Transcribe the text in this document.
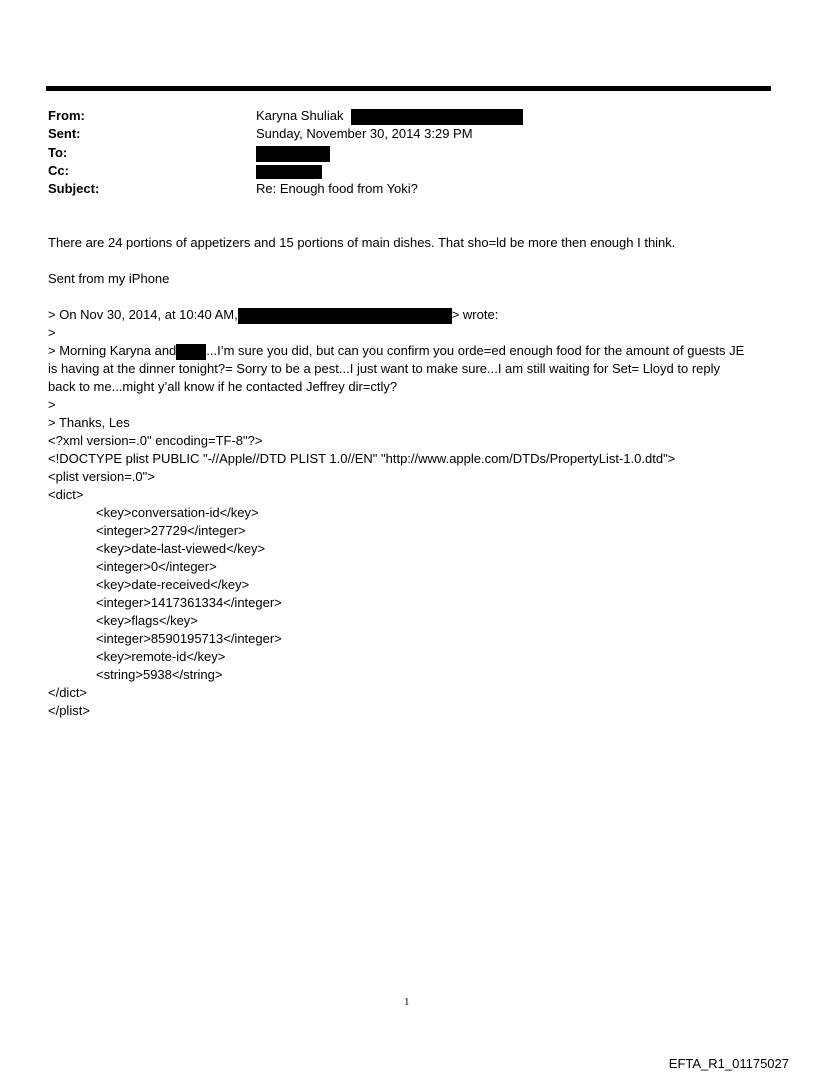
From:	Karyna Shuliak
Sent:	Sunday, November 30, 2014 3:29 PM
To:
Cc:
Subject:	Re: Enough food from Yoki?
There are 24 portions of appetizers and 15 portions of main dishes. That sho=ld be more then enough I think.
Sent from my iPhone
> On Nov 30, 2014, at 10:40 AM,	> wrote:
>
> Morning Karyna and ...I’m sure you did, but can you confirm you orde=ed enough food for the amount of guests JE
is having at the dinner tonight?= Sorry to be a pest...I just want to make sure...I am still waiting for Set= Lloyd to reply
back to me...might y’all know if he contacted Jeffrey dir=ctly?
>
> Thanks, Les
<?xml version=.0" encoding=TF-8"?>
<!DOCTYPE plist PUBLIC "-//Apple//DTD PLIST 1.0//EN" "http://www.apple.com/DTDs/PropertyList-1.0.dtd">
<plist version=.0">
<dict>
<key>conversation-id</key>
<integer>27729</integer>
<key>date-last-viewed</key>
<integer>0</integer>
<key>date-received</key>
<integer>1417361334</integer>
<key>flags</key>
<integer>8590195713</integer>
<key>remote-id</key>
<string>5938</string>
</dict>
</plist>
1
EFTA_R1_01175027
